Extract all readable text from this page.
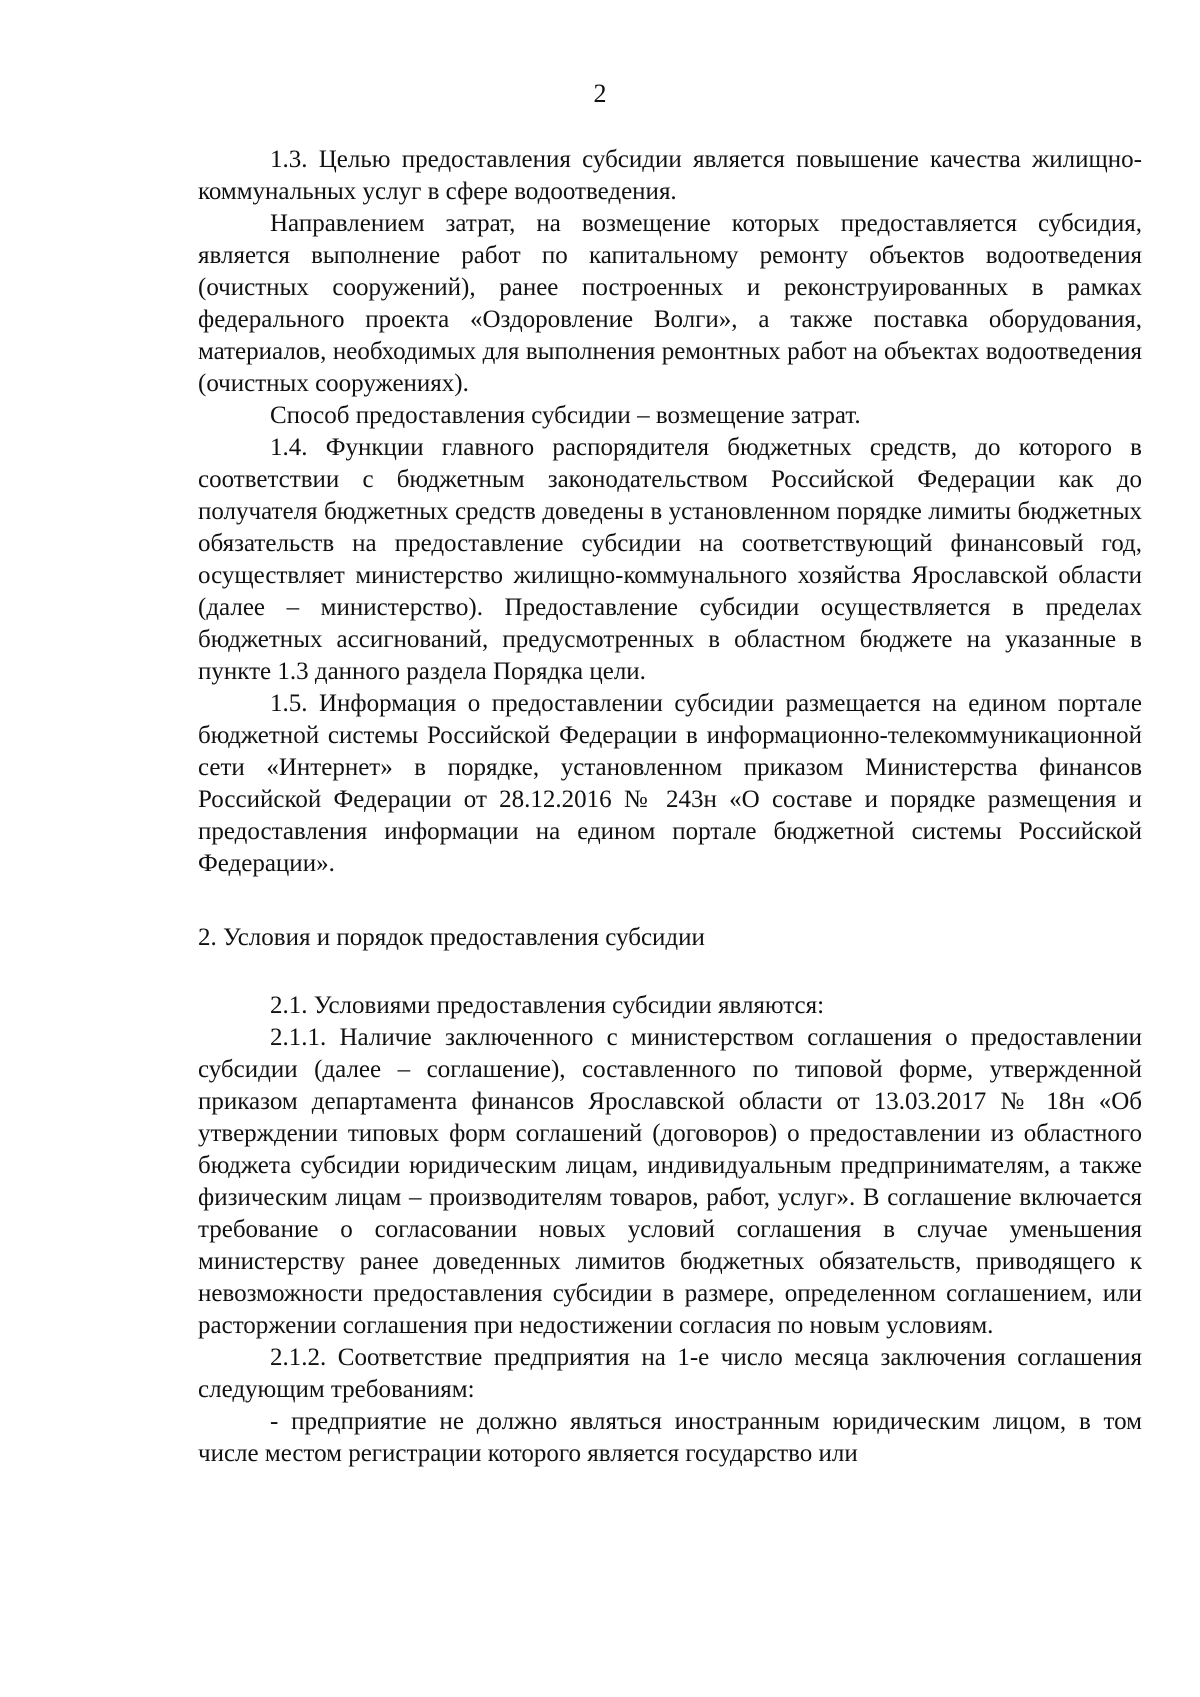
2

1.3. Целью предоставления субсидии является повышение качества жилищно-коммунальных услуг в сфере водоотведения.

Направлением затрат, на возмещение которых предоставляется субсидия, является выполнение работ по капитальному ремонту объектов водоотведения (очистных сооружений), ранее построенных и реконструированных в рамках федерального проекта «Оздоровление Волги», а также поставка оборудования, материалов, необходимых для выполнения ремонтных работ на объектах водоотведения (очистных сооружениях).

Способ предоставления субсидии – возмещение затрат.

1.4. Функции главного распорядителя бюджетных средств, до которого в соответствии с бюджетным законодательством Российской Федерации как до получателя бюджетных средств доведены в установленном порядке лимиты бюджетных обязательств на предоставление субсидии на соответствующий финансовый год, осуществляет министерство жилищно-коммунального хозяйства Ярославской области (далее – министерство). Предоставление субсидии осуществляется в пределах бюджетных ассигнований, предусмотренных в областном бюджете на указанные в пункте 1.3 данного раздела Порядка цели.

1.5. Информация о предоставлении субсидии размещается на едином портале бюджетной системы Российской Федерации в информационно-телекоммуникационной сети «Интернет» в порядке, установленном приказом Министерства финансов Российской Федерации от 28.12.2016 № 243н «О составе и порядке размещения и предоставления информации на едином портале бюджетной системы Российской Федерации».

2. Условия и порядок предоставления субсидии

2.1. Условиями предоставления субсидии являются:

2.1.1. Наличие заключенного с министерством соглашения о предоставлении субсидии (далее – соглашение), составленного по типовой форме, утвержденной приказом департамента финансов Ярославской области от 13.03.2017 № 18н «Об утверждении типовых форм соглашений (договоров) о предоставлении из областного бюджета субсидии юридическим лицам, индивидуальным предпринимателям, а также физическим лицам – производителям товаров, работ, услуг». В соглашение включается требование о согласовании новых условий соглашения в случае уменьшения министерству ранее доведенных лимитов бюджетных обязательств, приводящего к невозможности предоставления субсидии в размере, определенном соглашением, или расторжении соглашения при недостижении согласия по новым условиям.

2.1.2. Соответствие предприятия на 1-е число месяца заключения соглашения следующим требованиям:

- предприятие не должно являться иностранным юридическим лицом, в том числе местом регистрации которого является государство или
